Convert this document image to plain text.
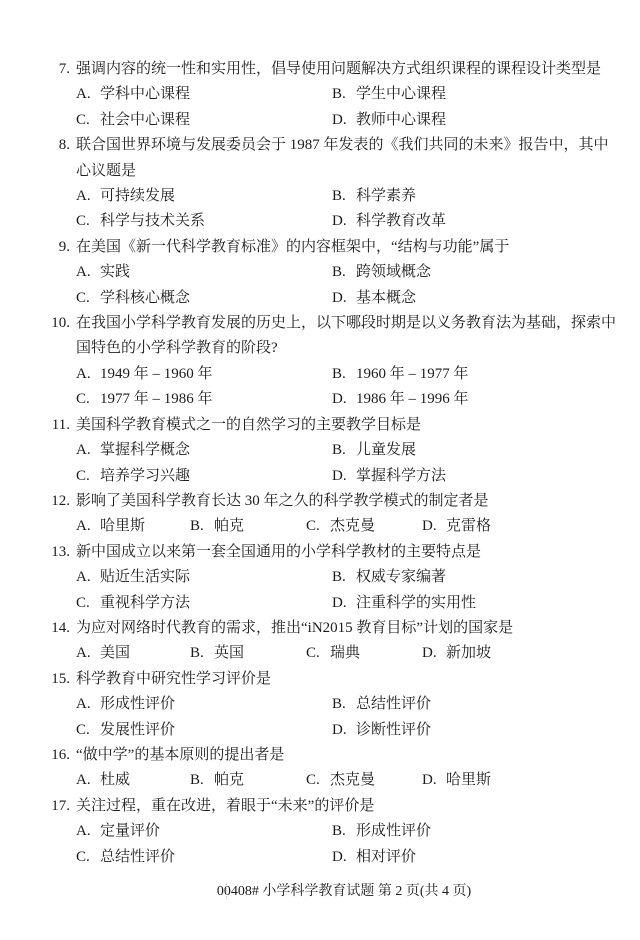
7. 强调内容的统一性和实用性，倡导使用问题解决方式组织课程的课程设计类型是
A. 学科中心课程	B. 学生中心课程
C. 社会中心课程	D. 教师中心课程
8. 联合国世界环境与发展委员会于 1987 年发表的《我们共同的未来》报告中，其中
心议题是
A. 可持续发展	B. 科学素养
C. 科学与技术关系	D. 科学教育改革
9. 在美国《新一代科学教育标准》的内容框架中，“结构与功能”属于
A. 实践	B. 跨领域概念
C. 学科核心概念	D. 基本概念
10. 在我国小学科学教育发展的历史上，以下哪段时期是以义务教育法为基础，探索中
国特色的小学科学教育的阶段?
A. 1949 年 – 1960 年	B. 1960 年 – 1977 年
C. 1977 年 – 1986 年	D. 1986 年 – 1996 年
11. 美国科学教育模式之一的自然学习的主要教学目标是
A. 掌握科学概念	B. 儿童发展
C. 培养学习兴趣	D. 掌握科学方法
12. 影响了美国科学教育长达 30 年之久的科学教学模式的制定者是
A. 哈里斯	B. 帕克	C. 杰克曼	D. 克雷格
13. 新中国成立以来第一套全国通用的小学科学教材的主要特点是
A. 贴近生活实际	B. 权威专家编著
C. 重视科学方法	D. 注重科学的实用性
14. 为应对网络时代教育的需求，推出“iN2015 教育目标”计划的国家是
A. 美国	B. 英国	C. 瑞典	D. 新加坡
15. 科学教育中研究性学习评价是
A. 形成性评价	B. 总结性评价
C. 发展性评价	D. 诊断性评价
16. “做中学”的基本原则的提出者是
A. 杜威	B. 帕克	C. 杰克曼	D. 哈里斯
17. 关注过程，重在改进，着眼于“未来”的评价是
A. 定量评价	B. 形成性评价
C. 总结性评价	D. 相对评价
00408# 小学科学教育试题 第 2 页(共 4 页)
